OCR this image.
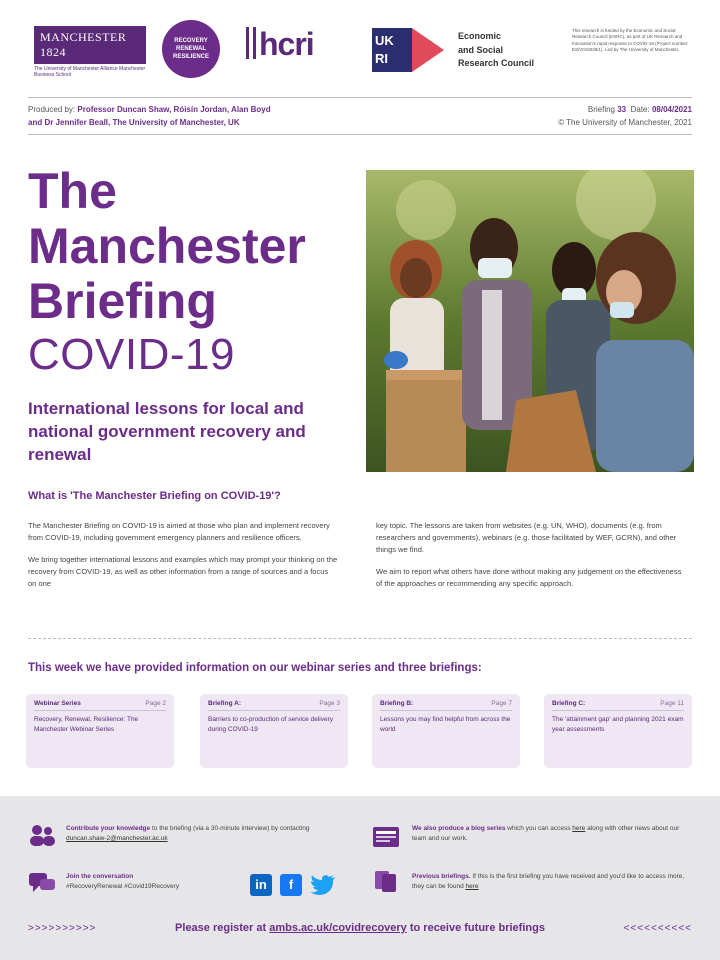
MANCHESTER 1824
The University of Manchester Alliance Manchester Business School
RECOVERY RENEWAL RESILIENCE	hcri	UK RI
Economic
and Social
Research Council
This research is funded by the Economic and Social Research Council (ESRC), as part of UK Research and Innovation's rapid response to COVID-19 (Project number: ES/V015028/1). Led by The University of Manchester.
Produced by: Professor Duncan Shaw, Róisín Jordan, Alan Boyd
and Dr Jennifer Beall, The University of Manchester, UK
Briefing 33 Date: 08/04/2021
© The University of Manchester, 2021
The
Manchester
Briefing
COVID-19
International lessons for local and national government recovery and renewal
What is 'The Manchester Briefing on COVID-19'?

The Manchester Briefing on COVID-19 is aimed at those who plan and implement recovery from COVID-19, including government emergency planners and resilience officers.

We bring together international lessons and examples which may prompt your thinking on the recovery from COVID-19, as well as other information from a range of sources and a focus on one

key topic. The lessons are taken from websites (e.g. UN, WHO), documents (e.g. from researchers and governments), webinars (e.g. those facilitated by WEF, GCRN), and other things we find.

We aim to report what others have done without making any judgement on the effectiveness of the approaches or recommending any specific approach.

This week we have provided information on our webinar series and three briefings:
Webinar Series	Page 2
Recovery, Renewal, Resilience: The Manchester Webinar Series
Briefing A:	Page 3
Barriers to co-production of service delivery during COVID-19
Briefing B:	Page 7
Lessons you may find helpful from across the world
Briefing C:	Page 11
The 'attainment gap' and planning 2021 exam year assessments
Contribute your knowledge to the briefing (via a 30-minute interview) by contacting duncan.shaw-2@manchester.ac.uk
Join the conversation
#RecoveryRenewal #Covid19Recovery	in	f
We also produce a blog series which you can access here along with other news about our team and our work.
Previous briefings. If this is the first briefing you have received and you'd like to access more, they can be found here
>>>>>>>>>>	Please register at ambs.ac.uk/covidrecovery to receive future briefings	<<<<<<<<<<
